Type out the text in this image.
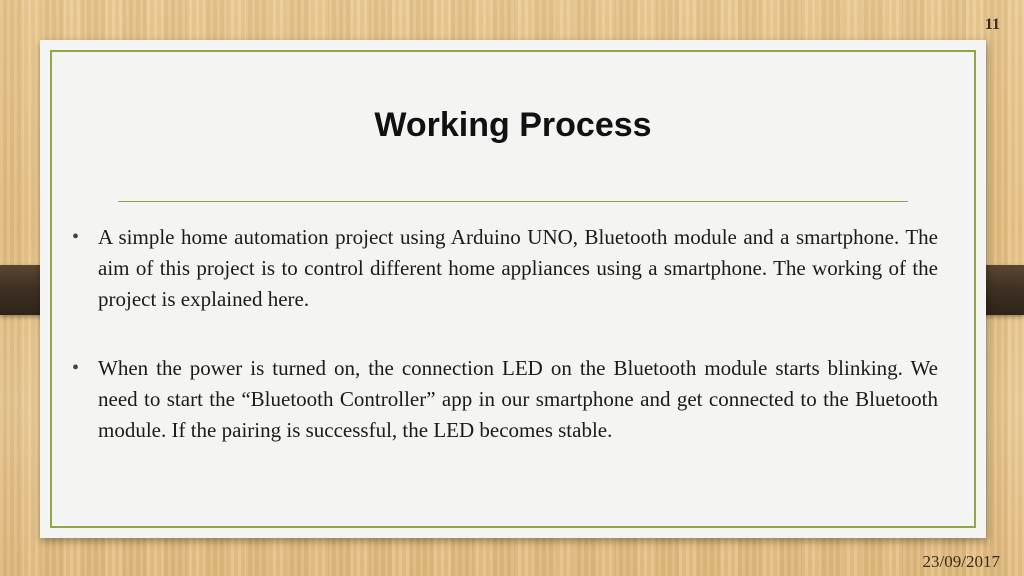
11
Working Process
• A simple home automation project using Arduino UNO, Bluetooth module and a smartphone. The aim of this project is to control different home appliances using a smartphone. The working of the project is explained here.
• When the power is turned on, the connection LED on the Bluetooth module starts blinking. We need to start the “Bluetooth Controller” app in our smartphone and get connected to the Bluetooth module. If the pairing is successful, the LED becomes stable.
23/09/2017
